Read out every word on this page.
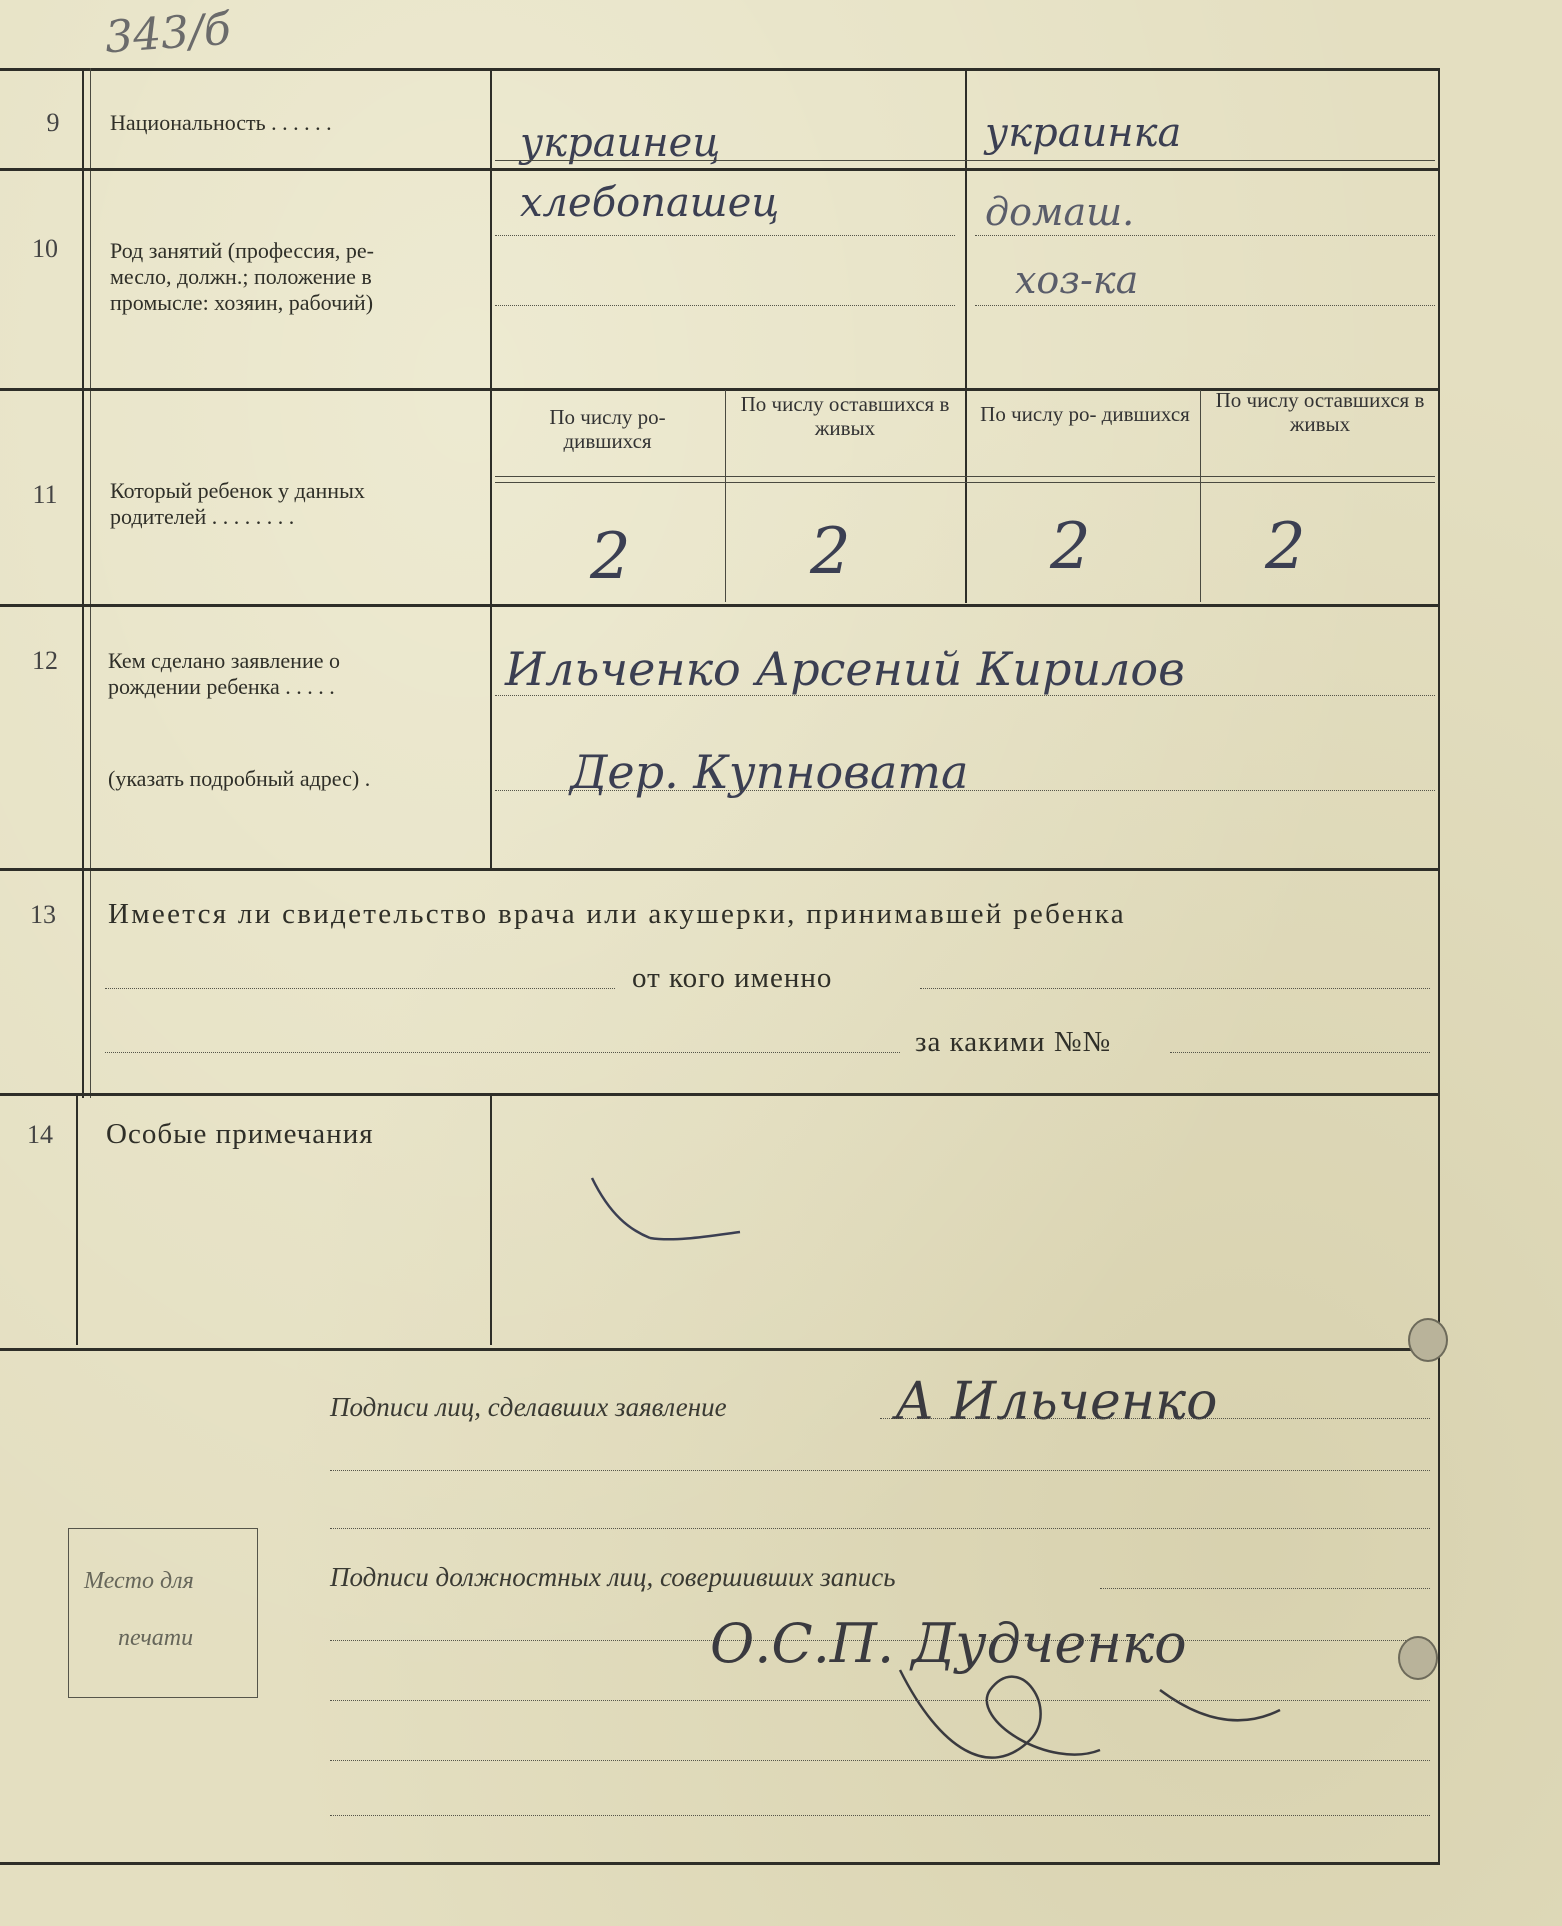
343/б
9	Национальность . . . . . .	украинец	украинка
10	Род занятий (профессия, ре-
месло, должн.; положение в
промысле: хозяин, рабочий)
хлебопашец	домаш.
хоз-ка
11	Который ребенок у данных
родителей . . . . . . . .
По числу ро- дившихся
По числу оставшихся в живых
По числу ро- дившихся
По числу оставшихся в живых
2	2	2	2
12	Кем сделано заявление о
рождении ребенка . . . . .
(указать подробный адрес) .
Ильченко Арсений Кирилов
Дер. Купновата
13	Имеется ли свидетельство врача или акушерки, принимавшей ребенка
от кого именно
за какими №№
14	Особые примечания
Подписи лиц, сделавших заявление	А Ильченко
Место для
печати
Подписи должностных лиц, совершивших запись
О.С.П. Дудченко
